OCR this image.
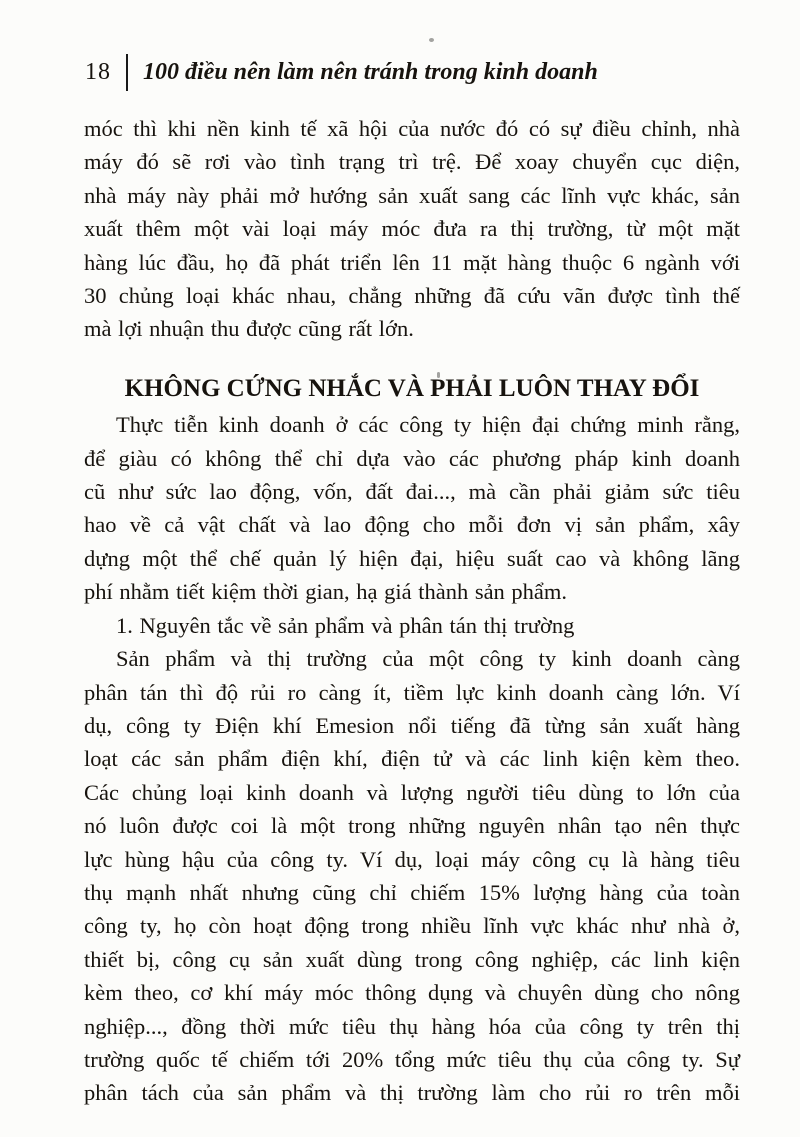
18 100 điều nên làm nên tránh trong kinh doanh
móc thì khi nền kinh tế xã hội của nước đó có sự điều chỉnh, nhà
máy đó sẽ rơi vào tình trạng trì trệ. Để xoay chuyển cục diện,
nhà máy này phải mở hướng sản xuất sang các lĩnh vực khác, sản
xuất thêm một vài loại máy móc đưa ra thị trường, từ một mặt
hàng lúc đầu, họ đã phát triển lên 11 mặt hàng thuộc 6 ngành với
30 chủng loại khác nhau, chẳng những đã cứu vãn được tình thế
mà lợi nhuận thu được cũng rất lớn.
KHÔNG CỨNG NHẮC VÀ PHẢI LUÔN THAY ĐỔI
Thực tiễn kinh doanh ở các công ty hiện đại chứng minh rằng,
để giàu có không thể chỉ dựa vào các phương pháp kinh doanh
cũ như sức lao động, vốn, đất đai..., mà cần phải giảm sức tiêu
hao về cả vật chất và lao động cho mỗi đơn vị sản phẩm, xây
dựng một thể chế quản lý hiện đại, hiệu suất cao và không lãng
phí nhằm tiết kiệm thời gian, hạ giá thành sản phẩm.
1. Nguyên tắc về sản phẩm và phân tán thị trường
Sản phẩm và thị trường của một công ty kinh doanh càng
phân tán thì độ rủi ro càng ít, tiềm lực kinh doanh càng lớn. Ví
dụ, công ty Điện khí Emesion nổi tiếng đã từng sản xuất hàng
loạt các sản phẩm điện khí, điện tử và các linh kiện kèm theo.
Các chủng loại kinh doanh và lượng người tiêu dùng to lớn của
nó luôn được coi là một trong những nguyên nhân tạo nên thực
lực hùng hậu của công ty. Ví dụ, loại máy công cụ là hàng tiêu
thụ mạnh nhất nhưng cũng chỉ chiếm 15% lượng hàng của toàn
công ty, họ còn hoạt động trong nhiều lĩnh vực khác như nhà ở,
thiết bị, công cụ sản xuất dùng trong công nghiệp, các linh kiện
kèm theo, cơ khí máy móc thông dụng và chuyên dùng cho nông
nghiệp..., đồng thời mức tiêu thụ hàng hóa của công ty trên thị
trường quốc tế chiếm tới 20% tổng mức tiêu thụ của công ty. Sự
phân tách của sản phẩm và thị trường làm cho rủi ro trên mỗi
